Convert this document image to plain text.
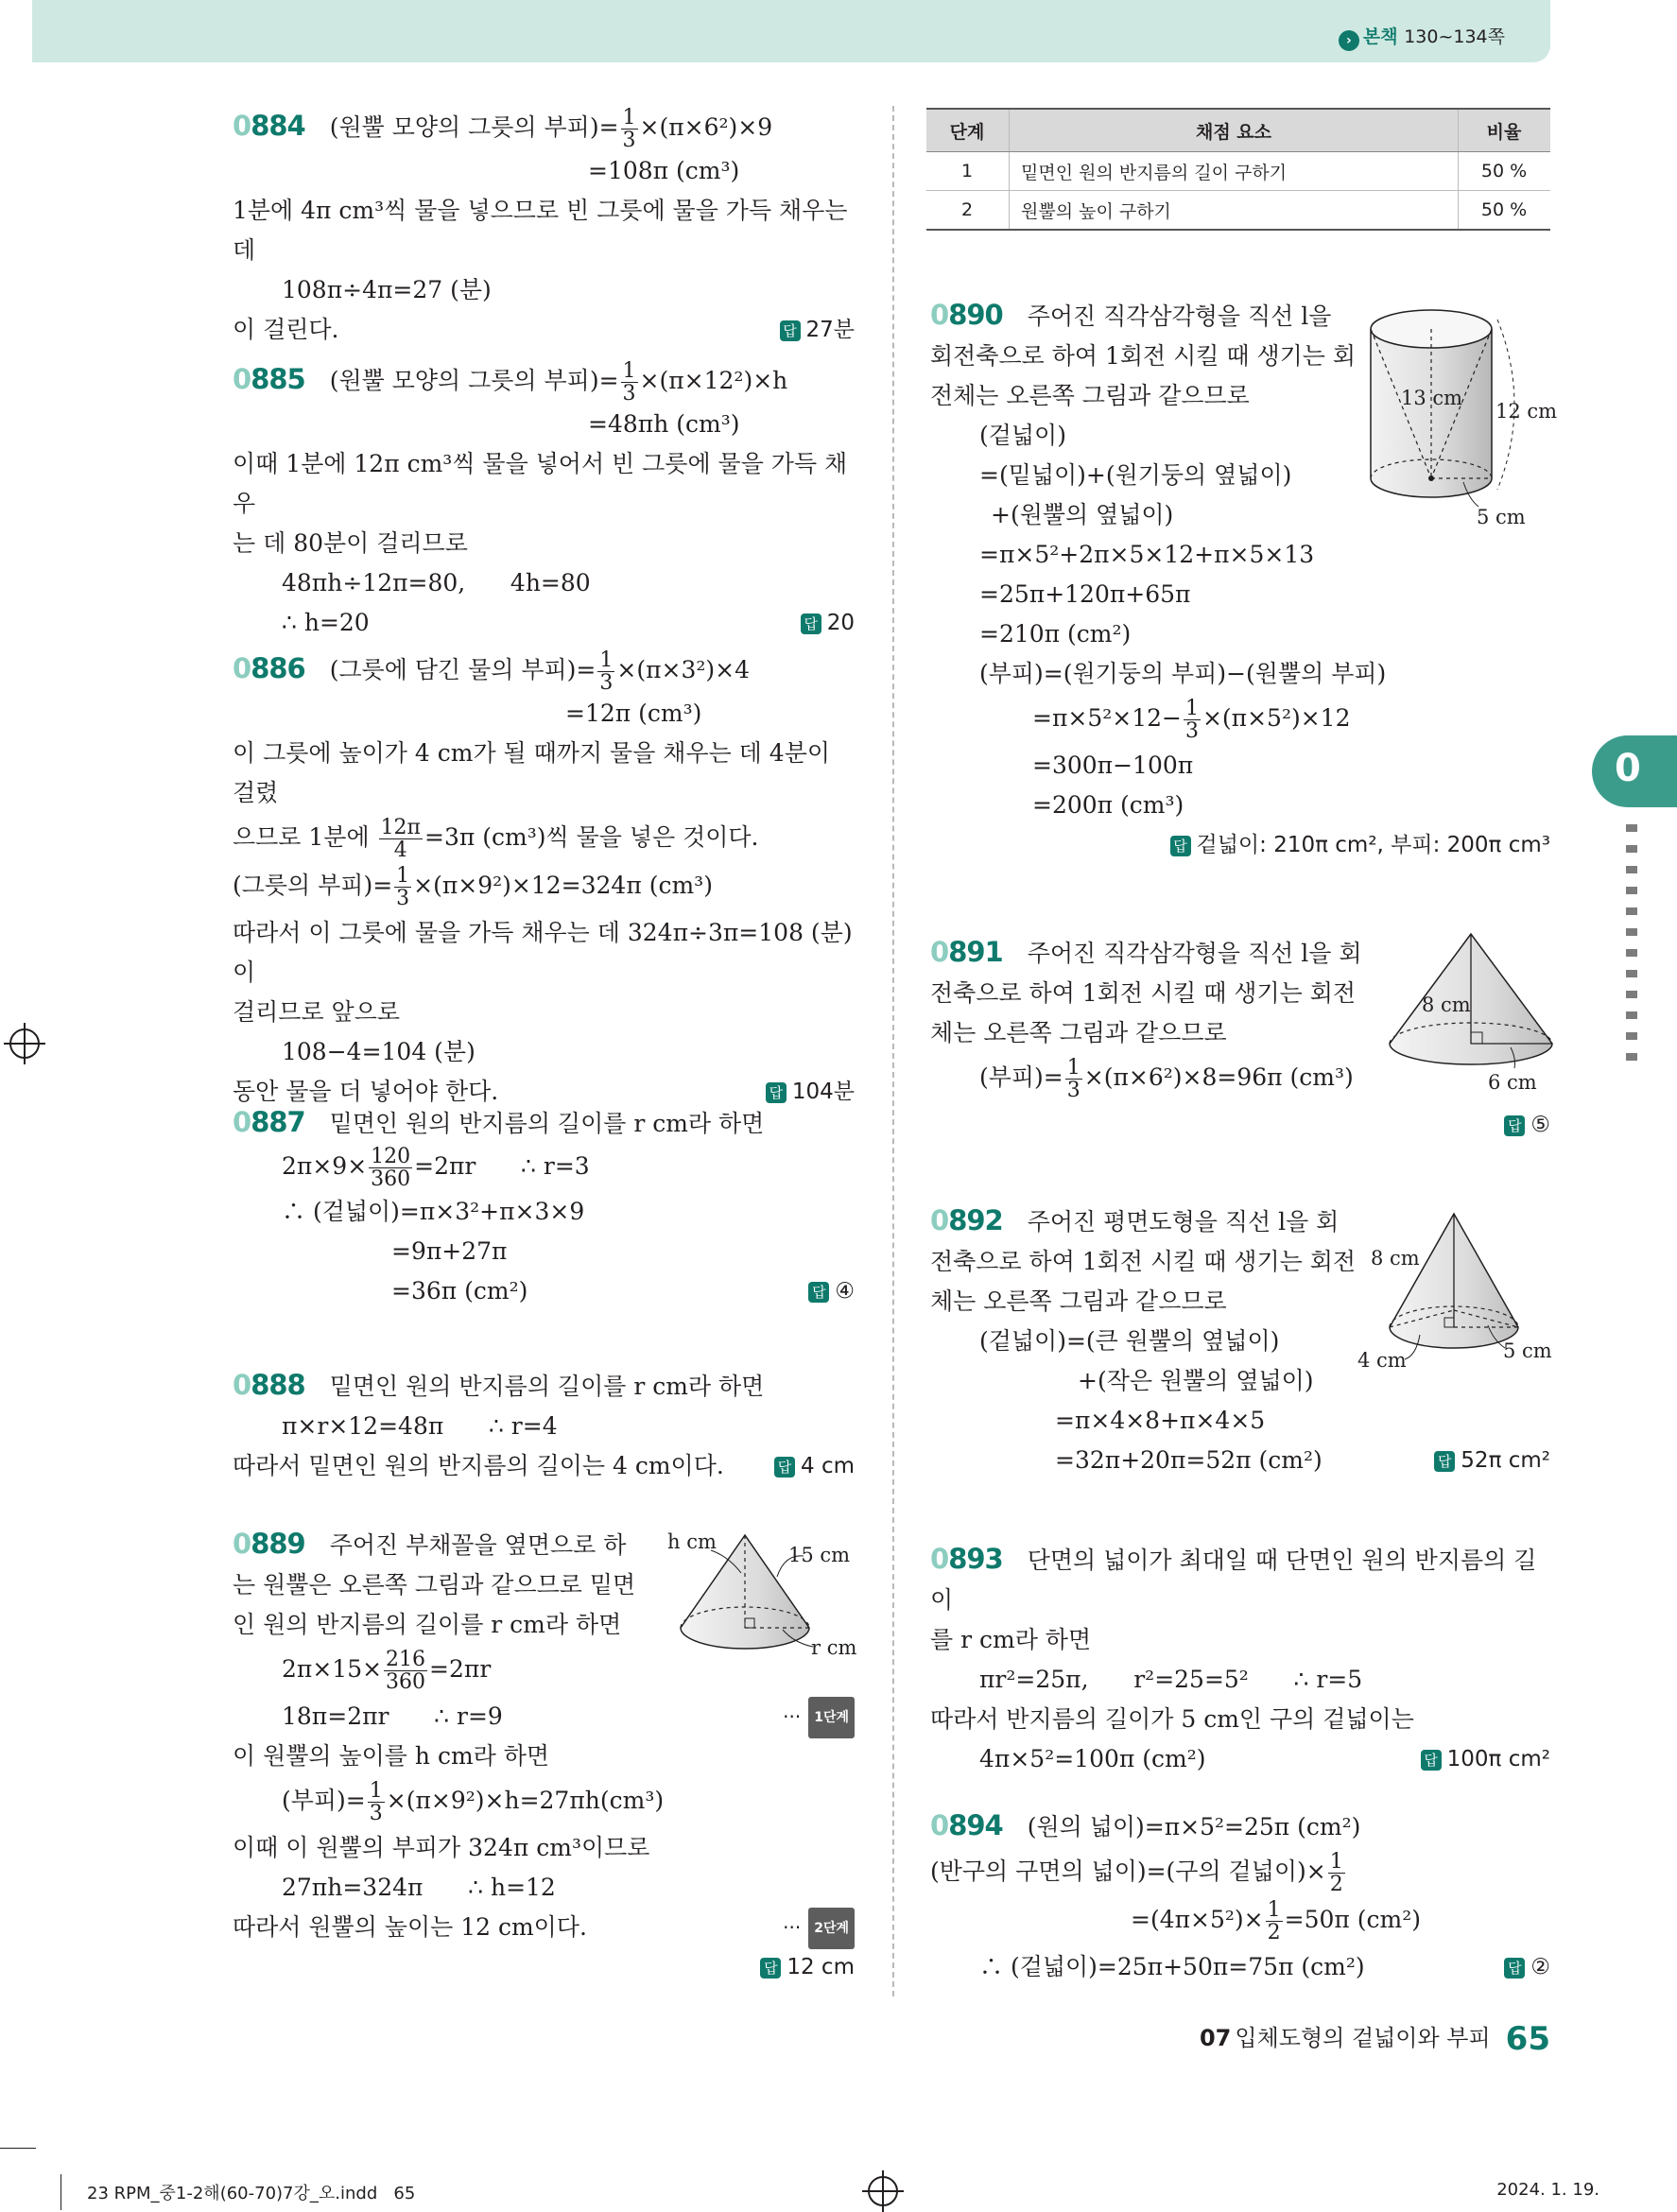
› 본책 130~134쪽
0884 (원뿔 모양의 그릇의 부피)= $\frac{1}{3} \times(\pi\times 6^2)\times 9$
=108π (cm³)
1분에 4π cm³씩 물을 넣으므로 빈 그릇에 물을 가득 채우는 데
108π÷4π=27 (분)
이 걸린다.	답 27분
0885 (원뿔 모양의 그릇의 부피)= $\frac{1}{3} \times(\pi\times 12^2)\times h$
=48πh (cm³)
이때 1분에 12π cm³씩 물을 넣어서 빈 그릇에 물을 가득 채우
는 데 80분이 걸리므로
48πh÷12π=80,      4h=80
∴ h=20	답 20
0886 (그릇에 담긴 물의 부피)= $\frac{1}{3} \times(\pi\times 3^2)\times 4$
=12π (cm³)
이 그릇에 높이가 4 cm가 될 때까지 물을 채우는 데 4분이 걸렸
으므로 1분에 $\frac{12\pi}{4} =3\pi$ (cm³)씩 물을 넣은 것이다.
(그릇의 부피)= $\frac{1}{3} \times(\pi\times 9^2)\times 12=324\pi$ (cm³)
따라서 이 그릇에 물을 가득 채우는 데 324π÷3π=108 (분)이
걸리므로 앞으로
108−4=104 (분)
동안 물을 더 넣어야 한다.	답 104분
0887 밑면인 원의 반지름의 길이를 r cm라 하면
$2\pi\times 9\times \frac{120}{360} =2\pi r$      ∴ r=3
∴ (겉넓이)=π×3²+π×3×9
=9π+27π
=36π (cm²)	답 ④
0888 밑면인 원의 반지름의 길이를 r cm라 하면
π×r×12=48π      ∴ r=4
따라서 밑면인 원의 반지름의 길이는 4 cm이다.	답 4 cm
0889 주어진 부채꼴을 옆면으로 하
는 원뿔은 오른쪽 그림과 같으므로 밑면
인 원의 반지름의 길이를 r cm라 하면
$2\pi\times 15\times \frac{216}{360} =2\pi r$
18π=2πr      ∴ r=9	··· 1단계
이 원뿔의 높이를 h cm라 하면
(부피)= $\frac{1}{3} \times(\pi\times 9^2)\times h=27\pi h(cm^3)$
이때 이 원뿔의 부피가 324π cm³이므로
27πh=324π      ∴ h=12
따라서 원뿔의 높이는 12 cm이다.	··· 2단계
답 12 cm
h cm
15 cm
r cm
단계	채점 요소	비율
1	밑면인 원의 반지름의 길이 구하기	50 %
2	원뿔의 높이 구하기	50 %
0890 주어진 직각삼각형을 직선 l을
회전축으로 하여 1회전 시킬 때 생기는 회
전체는 오른쪽 그림과 같으므로
(겉넓이)
=(밑넓이)+(원기둥의 옆넓이)
+(원뿔의 옆넓이)
=π×5²+2π×5×12+π×5×13
=25π+120π+65π
=210π (cm²)
(부피)=(원기둥의 부피)−(원뿔의 부피)
$=\pi\times 5^2\times 12- \frac{1}{3} \times(\pi\times 5^2)\times 12$
=300π−100π
=200π (cm³)
답 겉넓이: 210π cm², 부피: 200π cm³
13 cm
12 cm
5 cm
0891 주어진 직각삼각형을 직선 l을 회
전축으로 하여 1회전 시킬 때 생기는 회전
체는 오른쪽 그림과 같으므로
(부피)= $\frac{1}{3} \times(\pi\times 6^2)\times 8=96\pi$ (cm³)
답 ⑤
8 cm
6 cm
0892 주어진 평면도형을 직선 l을 회
전축으로 하여 1회전 시킬 때 생기는 회전
체는 오른쪽 그림과 같으므로
(겉넓이)=(큰 원뿔의 옆넓이)
+(작은 원뿔의 옆넓이)
=π×4×8+π×4×5
=32π+20π=52π (cm²)	답 52π cm²
8 cm
4 cm	5 cm
0893 단면의 넓이가 최대일 때 단면인 원의 반지름의 길이
를 r cm라 하면
πr²=25π,      r²=25=5²      ∴ r=5
따라서 반지름의 길이가 5 cm인 구의 겉넓이는
4π×5²=100π (cm²)	답 100π cm²
0894 (원의 넓이)=π×5²=25π (cm²)
(반구의 구면의 넓이)=(구의 겉넓이)× $\frac{1}{2}$
$=(4\pi\times 5^2)\times \frac{1}{2} =50\pi$ (cm²)
∴ (겉넓이)=25π+50π=75π (cm²)	답 ②
07 입체도형의 겉넓이와 부피 65
0
23 RPM_중1-2해(60-70)7강_오.indd   65	2024. 1. 19.
